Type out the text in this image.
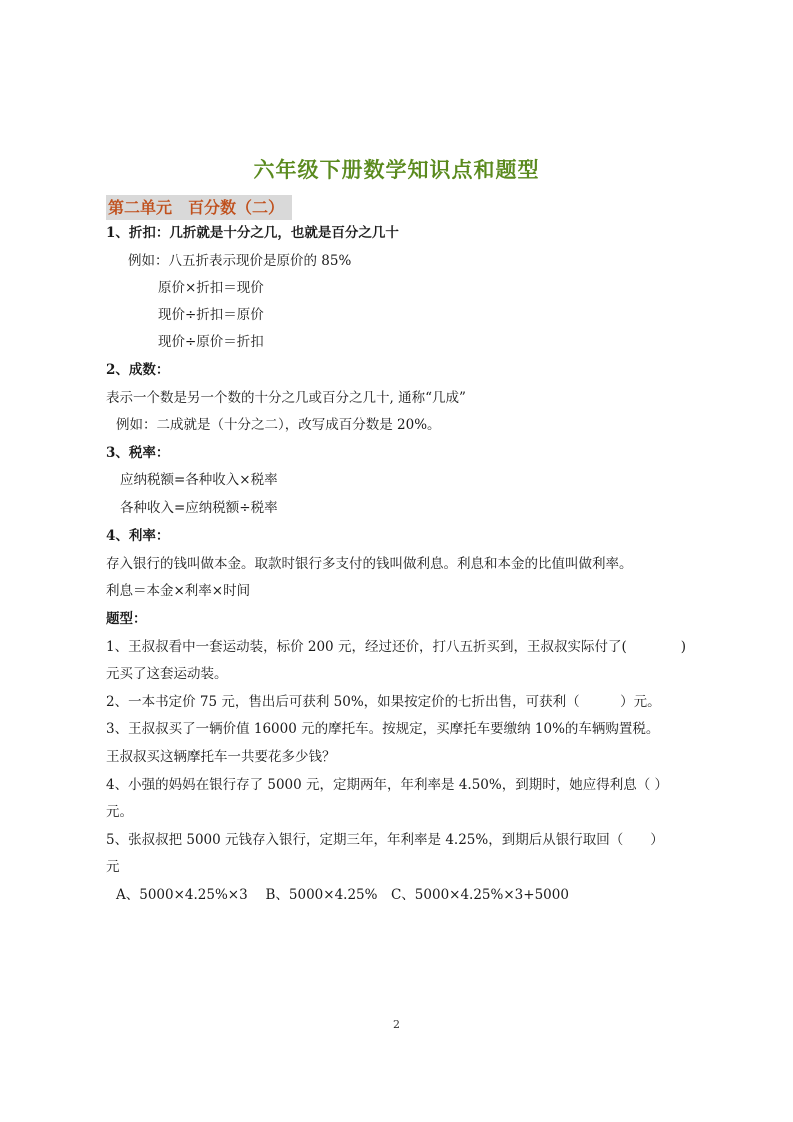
六年级下册数学知识点和题型
第二单元　百分数（二）
1、折扣：几折就是十分之几，也就是百分之几十
例如：八五折表示现价是原价的 85%
原价×折扣＝现价
现价÷折扣＝原价
现价÷原价＝折扣
2、成数：
表示一个数是另一个数的十分之几或百分之几十, 通称“几成”
例如：二成就是（十分之二），改写成百分数是 20%。
3、税率：
应纳税额=各种收入×税率
各种收入=应纳税额÷税率
4、利率：
存入银行的钱叫做本金。取款时银行多支付的钱叫做利息。利息和本金的比值叫做利率。
利息＝本金×利率×时间
题型：
1、王叔叔看中一套运动装，标价 200 元，经过还价，打八五折买到，王叔叔实际付了(　　　　)
元买了这套运动装。
2、一本书定价 75 元，售出后可获利 50%，如果按定价的七折出售，可获利（　　　）元。
3、王叔叔买了一辆价值 16000 元的摩托车。按规定，买摩托车要缴纳 10%的车辆购置税。
王叔叔买这辆摩托车一共要花多少钱？
4、小强的妈妈在银行存了 5000 元，定期两年，年利率是 4.50%，到期时，她应得利息（ ）
元。
5、张叔叔把 5000 元钱存入银行，定期三年，年利率是 4.25%，到期后从银行取回（　　）
元
A、5000×4.25%×3　 B、5000×4.25%　C、5000×4.25%×3+5000
2
